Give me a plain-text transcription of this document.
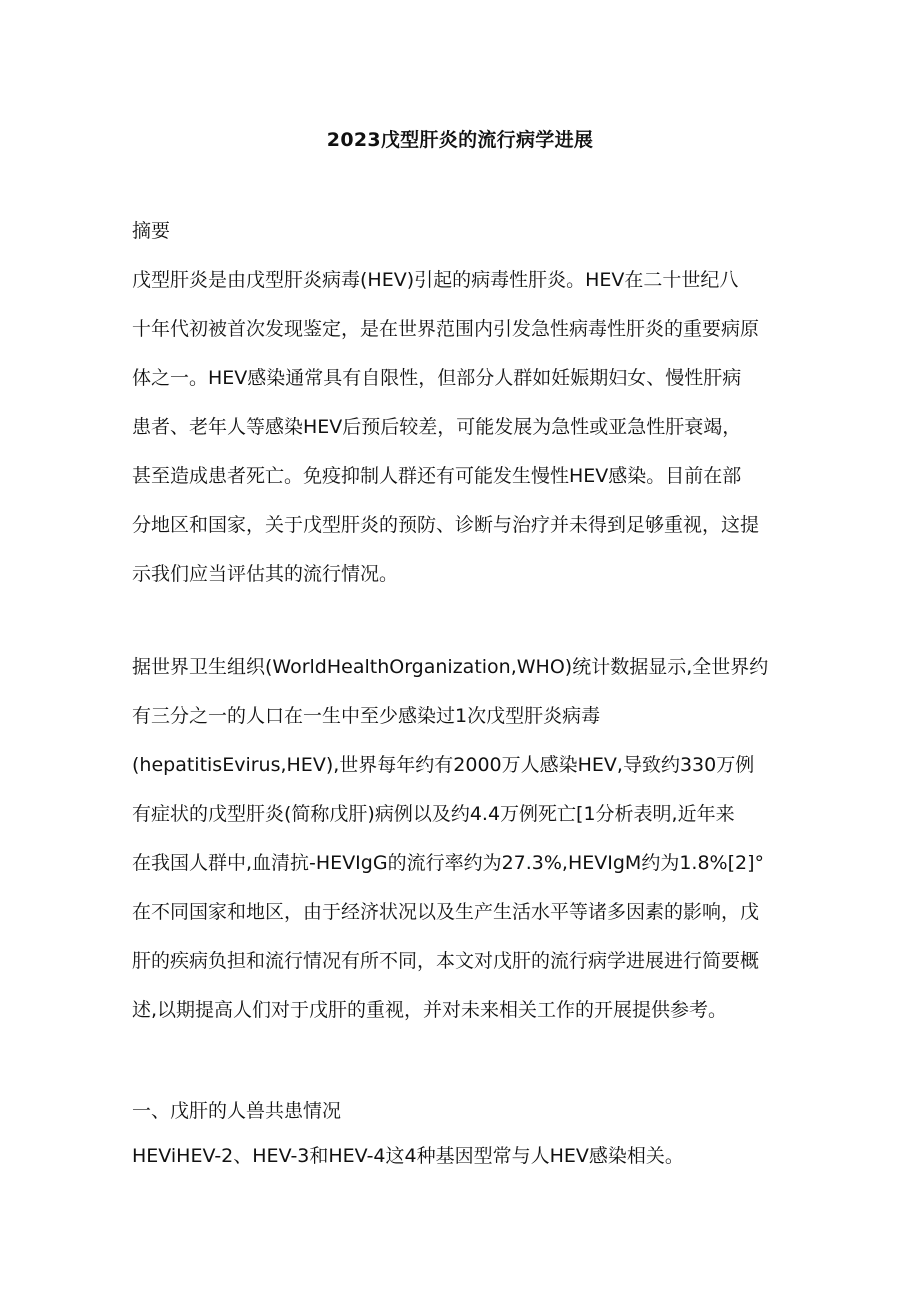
2023戊型肝炎的流行病学进展
摘要
戊型肝炎是由戊型肝炎病毒(HEV)引起的病毒性肝炎。HEV在二十世纪八
十年代初被首次发现鉴定，是在世界范围内引发急性病毒性肝炎的重要病原
体之一。HEV感染通常具有自限性，但部分人群如妊娠期妇女、慢性肝病
患者、老年人等感染HEV后预后较差，可能发展为急性或亚急性肝衰竭，
甚至造成患者死亡。免疫抑制人群还有可能发生慢性HEV感染。目前在部
分地区和国家，关于戊型肝炎的预防、诊断与治疗并未得到足够重视，这提
示我们应当评估其的流行情况。
据世界卫生组织(WorldHealthOrganization,WHO)统计数据显示,全世界约
有三分之一的人口在一生中至少感染过1次戊型肝炎病毒
(hepatitisEvirus,HEV),世界每年约有2000万人感染HEV,导致约330万例
有症状的戊型肝炎(简称戊肝)病例以及约4.4万例死亡[1分析表明,近年来
在我国人群中,血清抗-HEVIgG的流行率约为27.3%,HEVIgM约为1.8%[2]°
在不同国家和地区，由于经济状况以及生产生活水平等诸多因素的影响，戊
肝的疾病负担和流行情况有所不同，本文对戊肝的流行病学进展进行简要概
述,以期提高人们对于戊肝的重视，并对未来相关工作的开展提供参考。
一、戊肝的人兽共患情况
HEViHEV-2、HEV-3和HEV-4这4种基因型常与人HEV感染相关。
